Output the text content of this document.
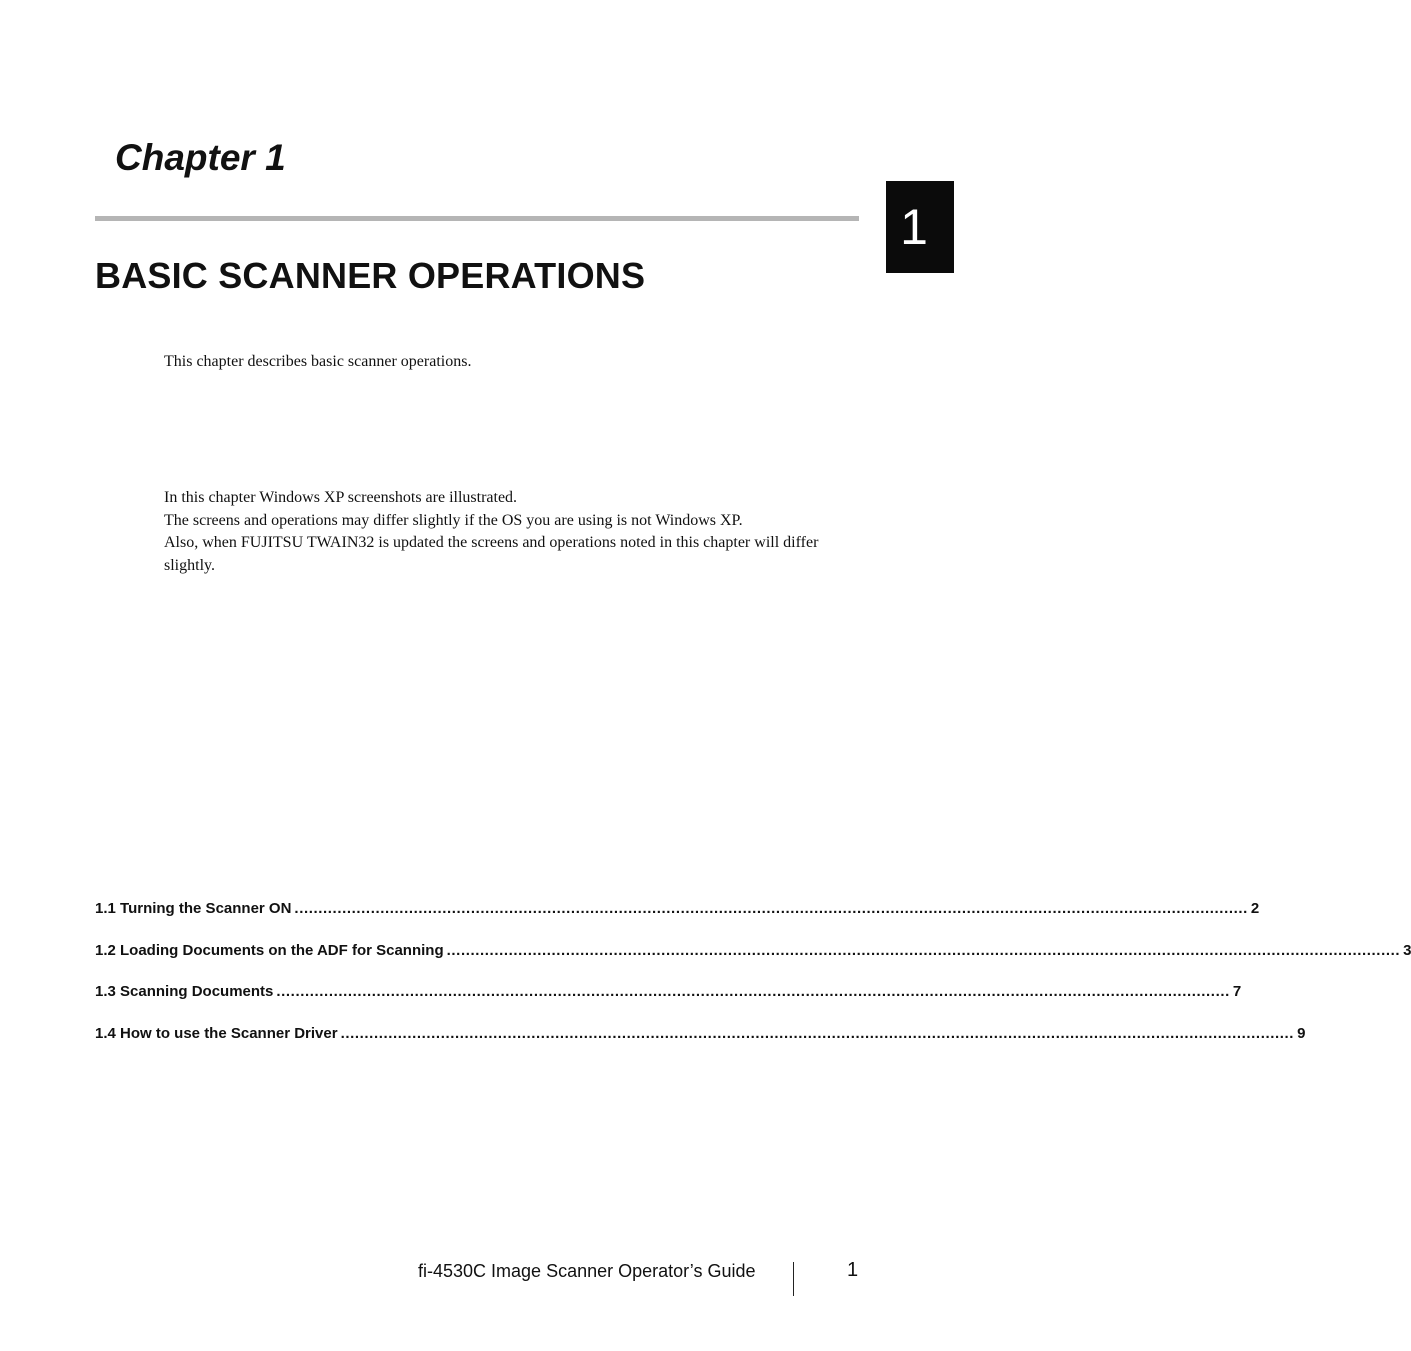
Chapter 1
1
BASIC SCANNER OPERATIONS

This chapter describes basic scanner operations.

In this chapter Windows XP screenshots are illustrated.

The screens and operations may differ slightly if the OS you are using is not Windows XP.

Also, when FUJITSU TWAIN32 is updated the screens and operations noted in this chapter will differ slightly.

1.1 Turning the Scanner ON ........................................................................................................................................................................................................ 2
1.2 Loading Documents on the ADF for Scanning ........................................................................................................................................................................................................ 3
1.3 Scanning Documents ........................................................................................................................................................................................................ 7
1.4 How to use the Scanner Driver ........................................................................................................................................................................................................ 9
fi-4530C Image Scanner Operator’s Guide	1
